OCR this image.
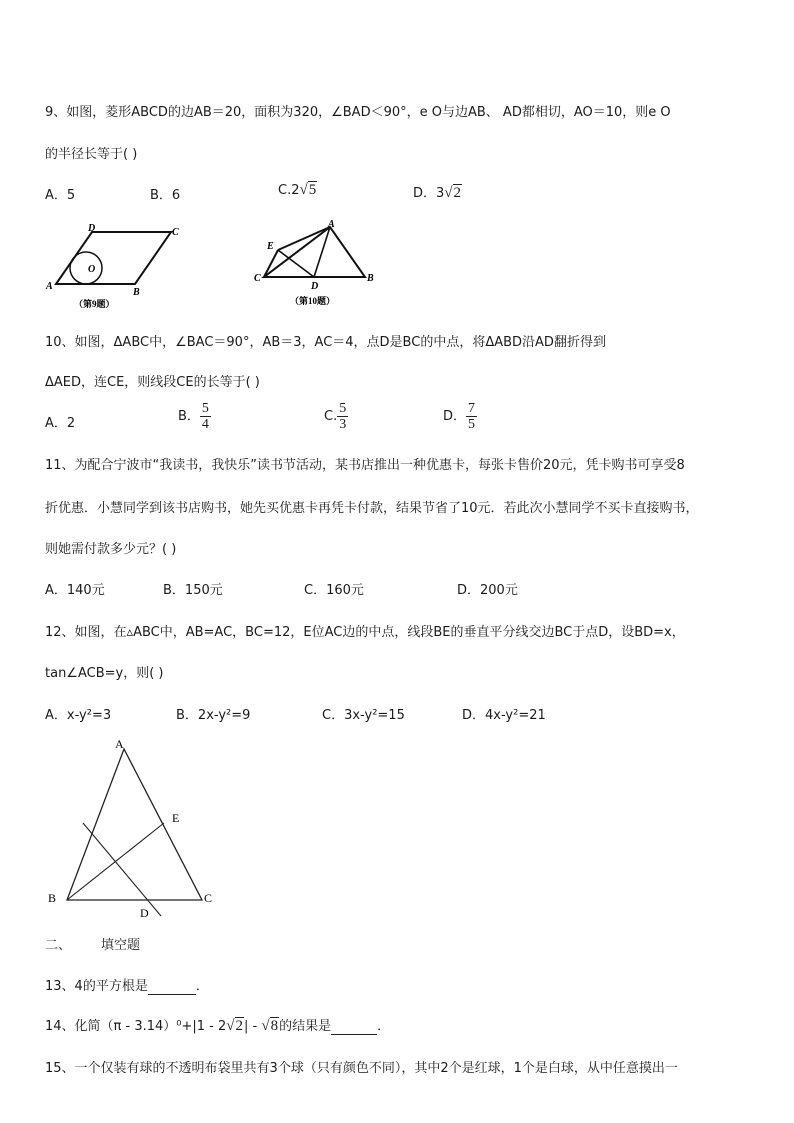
9、如图，菱形ABCD的边AB＝20，面积为320，∠BAD＜90°，e O与边AB、 AD都相切，AO＝10，则e O
的半径长等于( )
A．5	B．6	C.2√5	D．3√2
D	C
A
B
O
（第9题）
A
E
C
D
B
（第10题）
10、如图，ΔABC中，∠BAC＝90°，AB＝3，AC＝4，点D是BC的中点，将ΔABD沿AD翻折得到
ΔAED，连CE，则线段CE的长等于( )
A．2	B． $\frac{5}{4}$	C. $\frac{5}{3}$	D． $\frac{7}{5}$
11、为配合宁波市“我读书，我快乐”读书节活动，某书店推出一种优惠卡，每张卡售价20元，凭卡购书可享受8
折优惠．小慧同学到该书店购书，她先买优惠卡再凭卡付款，结果节省了10元．若此次小慧同学不买卡直接购书，
则她需付款多少元？( )
A．140元	B．150元	C．160元	D．200元
12、如图，在▵ABC中，AB=AC，BC=12，E位AC边的中点，线段BE的垂直平分线交边BC于点D，设BD=x，
tan∠ACB=y，则( )
A．x-y²=3	B．2x-y²=9	C．3x-y²=15	D．4x-y²=21
A
E
B	C
D
二、 填空题
13、4的平方根是	．
14、化简（π - 3.14）⁰+|1 - 2√2| - √8的结果是	．
15、一个仅装有球的不透明布袋里共有3个球（只有颜色不同），其中2个是红球，1个是白球，从中任意摸出一
